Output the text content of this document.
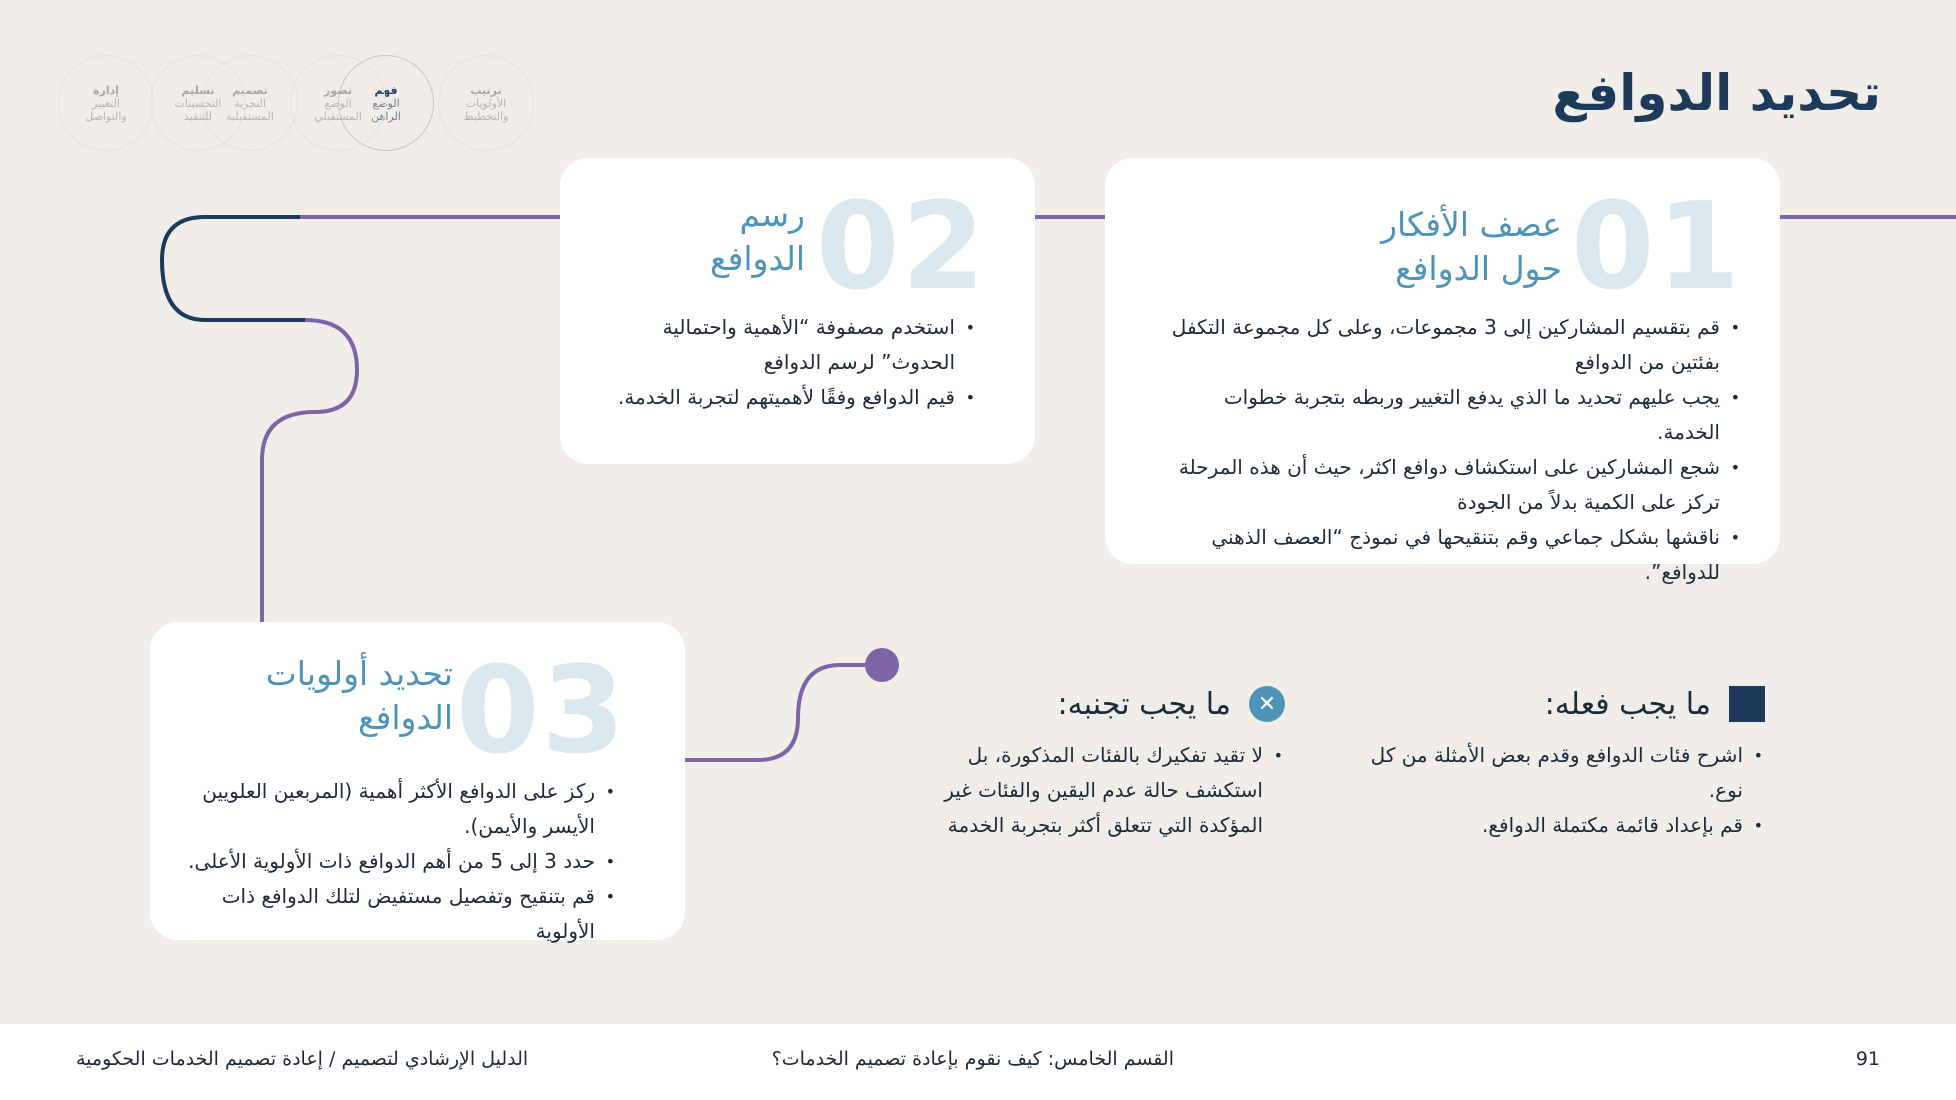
تحديد الدوافع
ترتيب
الأولويات والتخطيط
فهم
الوضع الراهن
تصور
الوضع المستقبلي
تصميم
التجربة المستقبلية
تسليم
التحسينات للتنفيذ
إدارة
التغيير والتواصل
01
عصف الأفكار
حول الدوافع
• قم بتقسيم المشاركين إلى 3 مجموعات، وعلى كل مجموعة التكفل بفئتين من الدوافع
• يجب عليهم تحديد ما الذي يدفع التغيير وربطه بتجربة خطوات الخدمة.
• شجع المشاركين على استكشاف دوافع اكثر، حيث أن هذه المرحلة تركز على الكمية بدلاً من الجودة
• ناقشها بشكل جماعي وقم بتنقيحها في نموذج “العصف الذهني للدوافع”.
02
رسم
الدوافع
• استخدم مصفوفة “الأهمية واحتمالية الحدوث” لرسم الدوافع
• قيم الدوافع وفقًا لأهميتهم لتجربة الخدمة.
03
تحديد أولويات
الدوافع
• ركز على الدوافع الأكثر أهمية (المربعين العلويين الأيسر والأيمن).
• حدد 3 إلى 5 من أهم الدوافع ذات الأولوية الأعلى.
• قم بتنقيح وتفصيل مستفيض لتلك الدوافع ذات الأولوية
ما يجب فعله:
• اشرح فئات الدوافع وقدم بعض الأمثلة من كل نوع.
• قم بإعداد قائمة مكتملة الدوافع.
✕
ما يجب تجنبه:
• لا تقيد تفكيرك بالفئات المذكورة، بل استكشف حالة عدم اليقين والفئات غير المؤكدة التي تتعلق أكثر بتجربة الخدمة
91
القسم الخامس: كيف نقوم بإعادة تصميم الخدمات؟
الدليل الإرشادي لتصميم / إعادة تصميم الخدمات الحكومية
